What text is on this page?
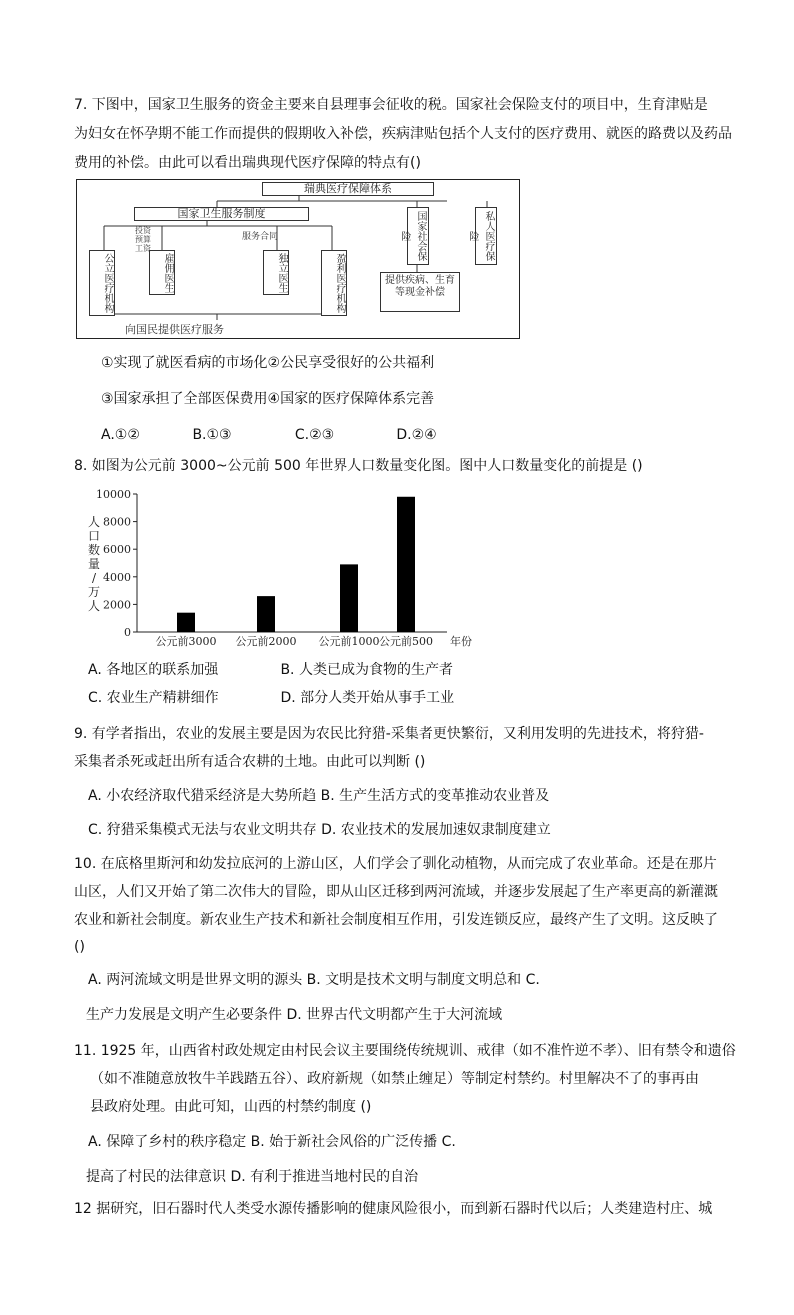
7. 下图中，国家卫生服务的资金主要来自县理事会征收的税。国家社会保险支付的项目中，生育津贴是
为妇女在怀孕期不能工作而提供的假期收入补偿，疾病津贴包括个人支付的医疗费用、就医的路费以及药品
费用的补偿。由此可以看出瑞典现代医疗保障的特点有()
瑞典医疗保障体系
国家卫生服务制度	国家社会保险	私人医疗保险
公立医疗机构	雇佣医生	独立医生	盈利医疗机构	提供疾病、生育等现金补偿
投资预算工资
服务合同
向国民提供医疗服务
①实现了就医看病的市场化②公民享受很好的公共福利
③国家承担了全部医保费用④国家的医疗保障体系完善
A.①②	B.①③	C.②③	D.②④
8. 如图为公元前 3000~公元前 500 年世界人口数量变化图。图中人口数量变化的前提是 ()
0
2000
4000
6000
8000
10000
公元前3000 公元前2000 公元前1000 公元前500 年份
人
口
数
量
/
万
人
A. 各地区的联系加强	B. 人类已成为食物的生产者
C. 农业生产精耕细作	D. 部分人类开始从事手工业
9. 有学者指出，农业的发展主要是因为农民比狩猎-采集者更快繁衍，又利用发明的先进技术，将狩猎-
采集者杀死或赶出所有适合农耕的土地。由此可以判断 ()
A. 小农经济取代猎采经济是大势所趋 B. 生产生活方式的变革推动农业普及
C. 狩猎采集模式无法与农业文明共存 D. 农业技术的发展加速奴隶制度建立
10. 在底格里斯河和幼发拉底河的上游山区，人们学会了驯化动植物，从而完成了农业革命。还是在那片
山区，人们又开始了第二次伟大的冒险，即从山区迁移到两河流域，并逐步发展起了生产率更高的新灌溉
农业和新社会制度。新农业生产技术和新社会制度相互作用，引发连锁反应，最终产生了文明。这反映了
()
A. 两河流域文明是世界文明的源头 B. 文明是技术文明与制度文明总和 C.
生产力发展是文明产生必要条件 D. 世界古代文明都产生于大河流域
11. 1925 年，山西省村政处规定由村民会议主要围绕传统规训、戒律（如不准忤逆不孝）、旧有禁令和遗俗
（如不准随意放牧牛羊践踏五谷）、政府新规（如禁止缠足）等制定村禁约。村里解决不了的事再由
县政府处理。由此可知，山西的村禁约制度 ()
A. 保障了乡村的秩序稳定 B. 始于新社会风俗的广泛传播 C.
提高了村民的法律意识 D. 有利于推进当地村民的自治
12 据研究，旧石器时代人类受水源传播影响的健康风险很小，而到新石器时代以后；人类建造村庄、城
